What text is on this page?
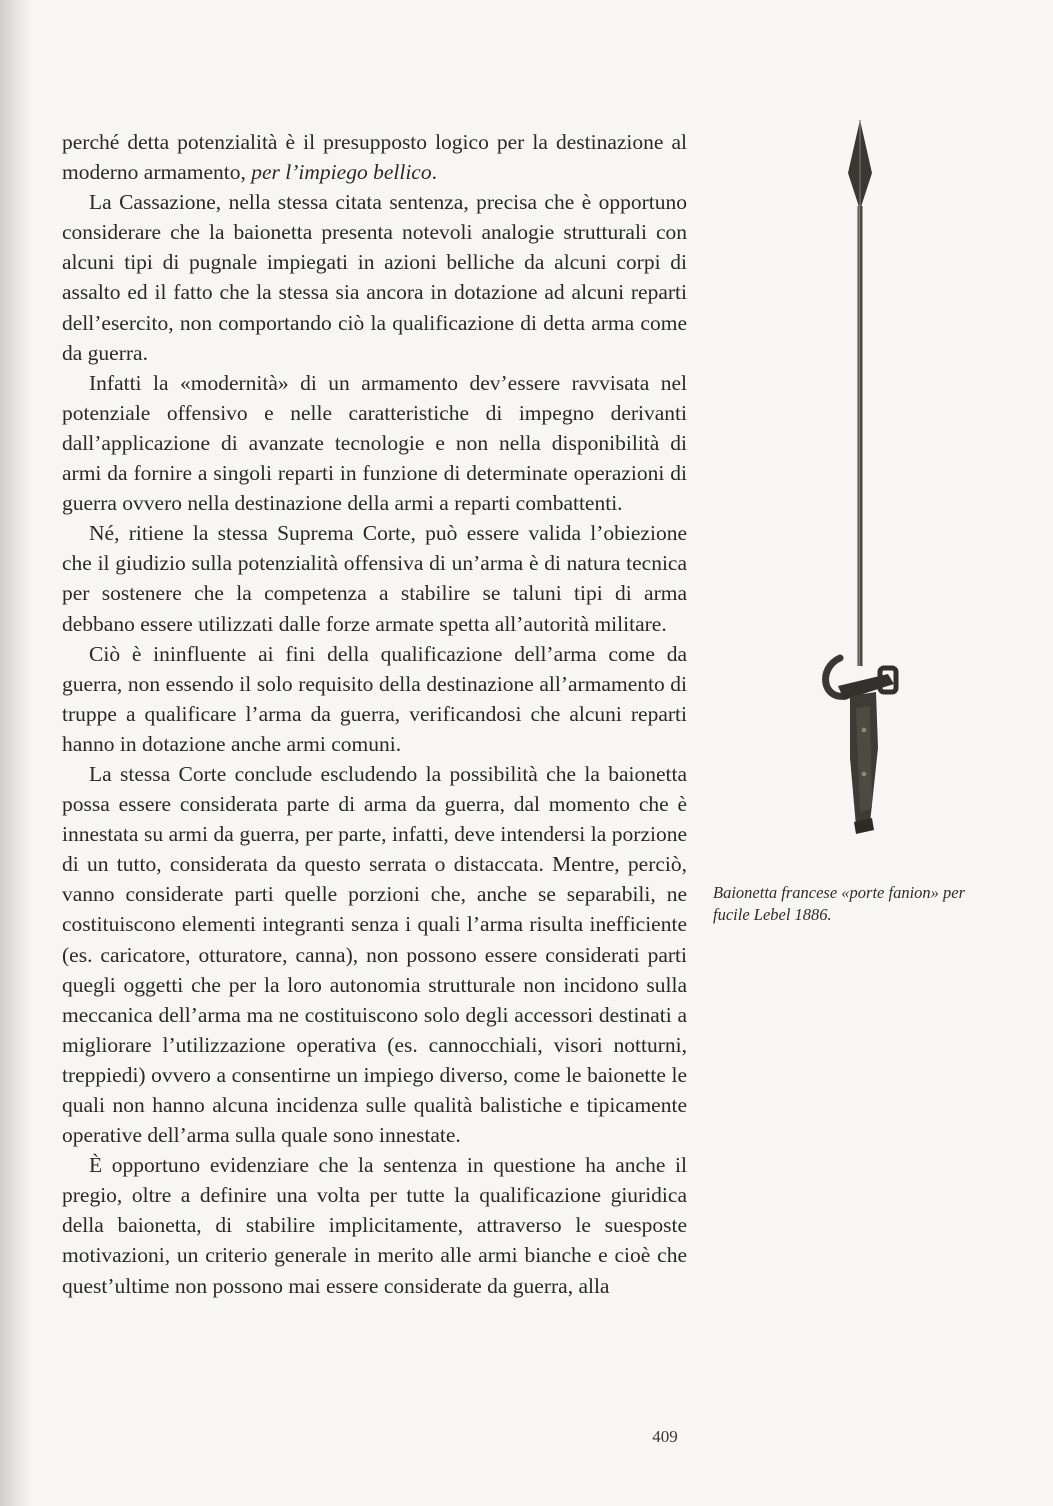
perché detta potenzialità è il presupposto logico per la destinazione al moderno armamento, per l’impiego bellico.

La Cassazione, nella stessa citata sentenza, precisa che è opportuno considerare che la baionetta presenta notevoli analogie strutturali con alcuni tipi di pugnale impiegati in azioni belliche da alcuni corpi di assalto ed il fatto che la stessa sia ancora in dotazione ad alcuni reparti dell’esercito, non comportando ciò la qualificazione di detta arma come da guerra.

Infatti la «modernità» di un armamento dev’essere ravvisata nel potenziale offensivo e nelle caratteristiche di impegno derivanti dall’applicazione di avanzate tecnologie e non nella disponibilità di armi da fornire a singoli reparti in funzione di determinate operazioni di guerra ovvero nella destinazione della armi a reparti combattenti.

Né, ritiene la stessa Suprema Corte, può essere valida l’obiezione che il giudizio sulla potenzialità offensiva di un’arma è di natura tecnica per sostenere che la competenza a stabilire se taluni tipi di arma debbano essere utilizzati dalle forze armate spetta all’autorità militare.

Ciò è ininfluente ai fini della qualificazione dell’arma come da guerra, non essendo il solo requisito della destinazione all’armamento di truppe a qualificare l’arma da guerra, verificandosi che alcuni reparti hanno in dotazione anche armi comuni.

La stessa Corte conclude escludendo la possibilità che la baionetta possa essere considerata parte di arma da guerra, dal momento che è innestata su armi da guerra, per parte, infatti, deve intendersi la porzione di un tutto, considerata da questo serrata o distaccata. Mentre, perciò, vanno considerate parti quelle porzioni che, anche se separabili, ne costituiscono elementi integranti senza i quali l’arma risulta inefficiente (es. caricatore, otturatore, canna), non possono essere considerati parti quegli oggetti che per la loro autonomia strutturale non incidono sulla meccanica dell’arma ma ne costituiscono solo degli accessori destinati a migliorare l’utilizzazione operativa (es. cannocchiali, visori notturni, treppiedi) ovvero a consentirne un impiego diverso, come le baionette le quali non hanno alcuna incidenza sulle qualità balistiche e tipicamente operative dell’arma sulla quale sono innestate.

È opportuno evidenziare che la sentenza in questione ha anche il pregio, oltre a definire una volta per tutte la qualificazione giuridica della baionetta, di stabilire implicitamente, attraverso le suesposte motivazioni, un criterio generale in merito alle armi bianche e cioè che quest’ultime non possono mai essere considerate da guerra, alla

Baionetta francese «porte fanion» per fucile Lebel 1886.
409
